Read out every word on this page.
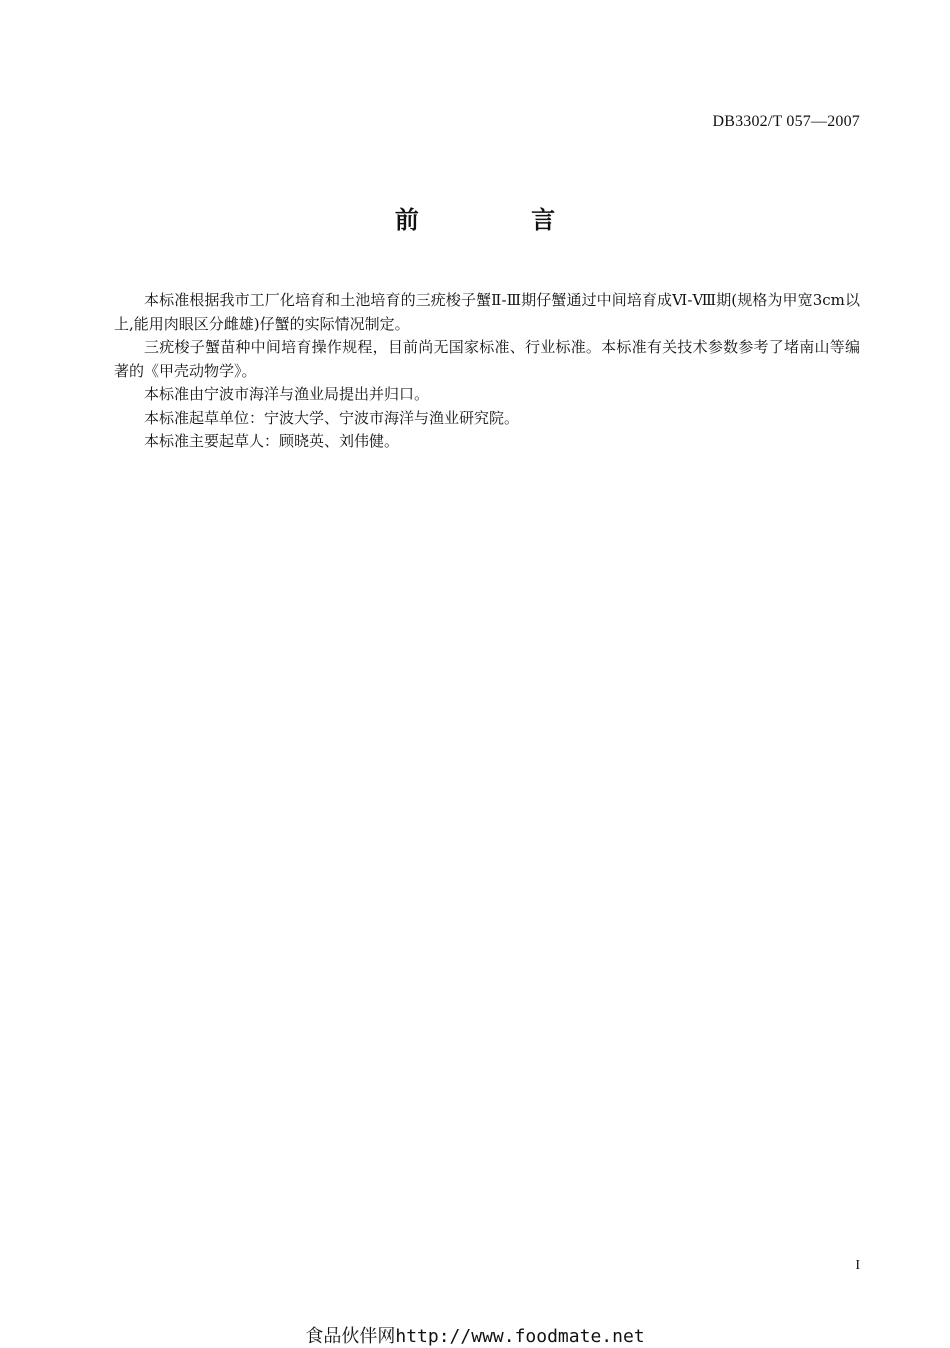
DB3302/T 057—2007
前 言

本标准根据我市工厂化培育和土池培育的三疣梭子蟹Ⅱ-Ⅲ期仔蟹通过中间培育成Ⅵ-Ⅷ期(规格为甲宽3cm以上,能用肉眼区分雌雄)仔蟹的实际情况制定。

三疣梭子蟹苗种中间培育操作规程，目前尚无国家标准、行业标准。本标准有关技术参数参考了堵南山等编著的《甲壳动物学》。

本标准由宁波市海洋与渔业局提出并归口。

本标准起草单位：宁波大学、宁波市海洋与渔业研究院。

本标准主要起草人：顾晓英、刘伟健。

I
食品伙伴网http://www.foodmate.net
